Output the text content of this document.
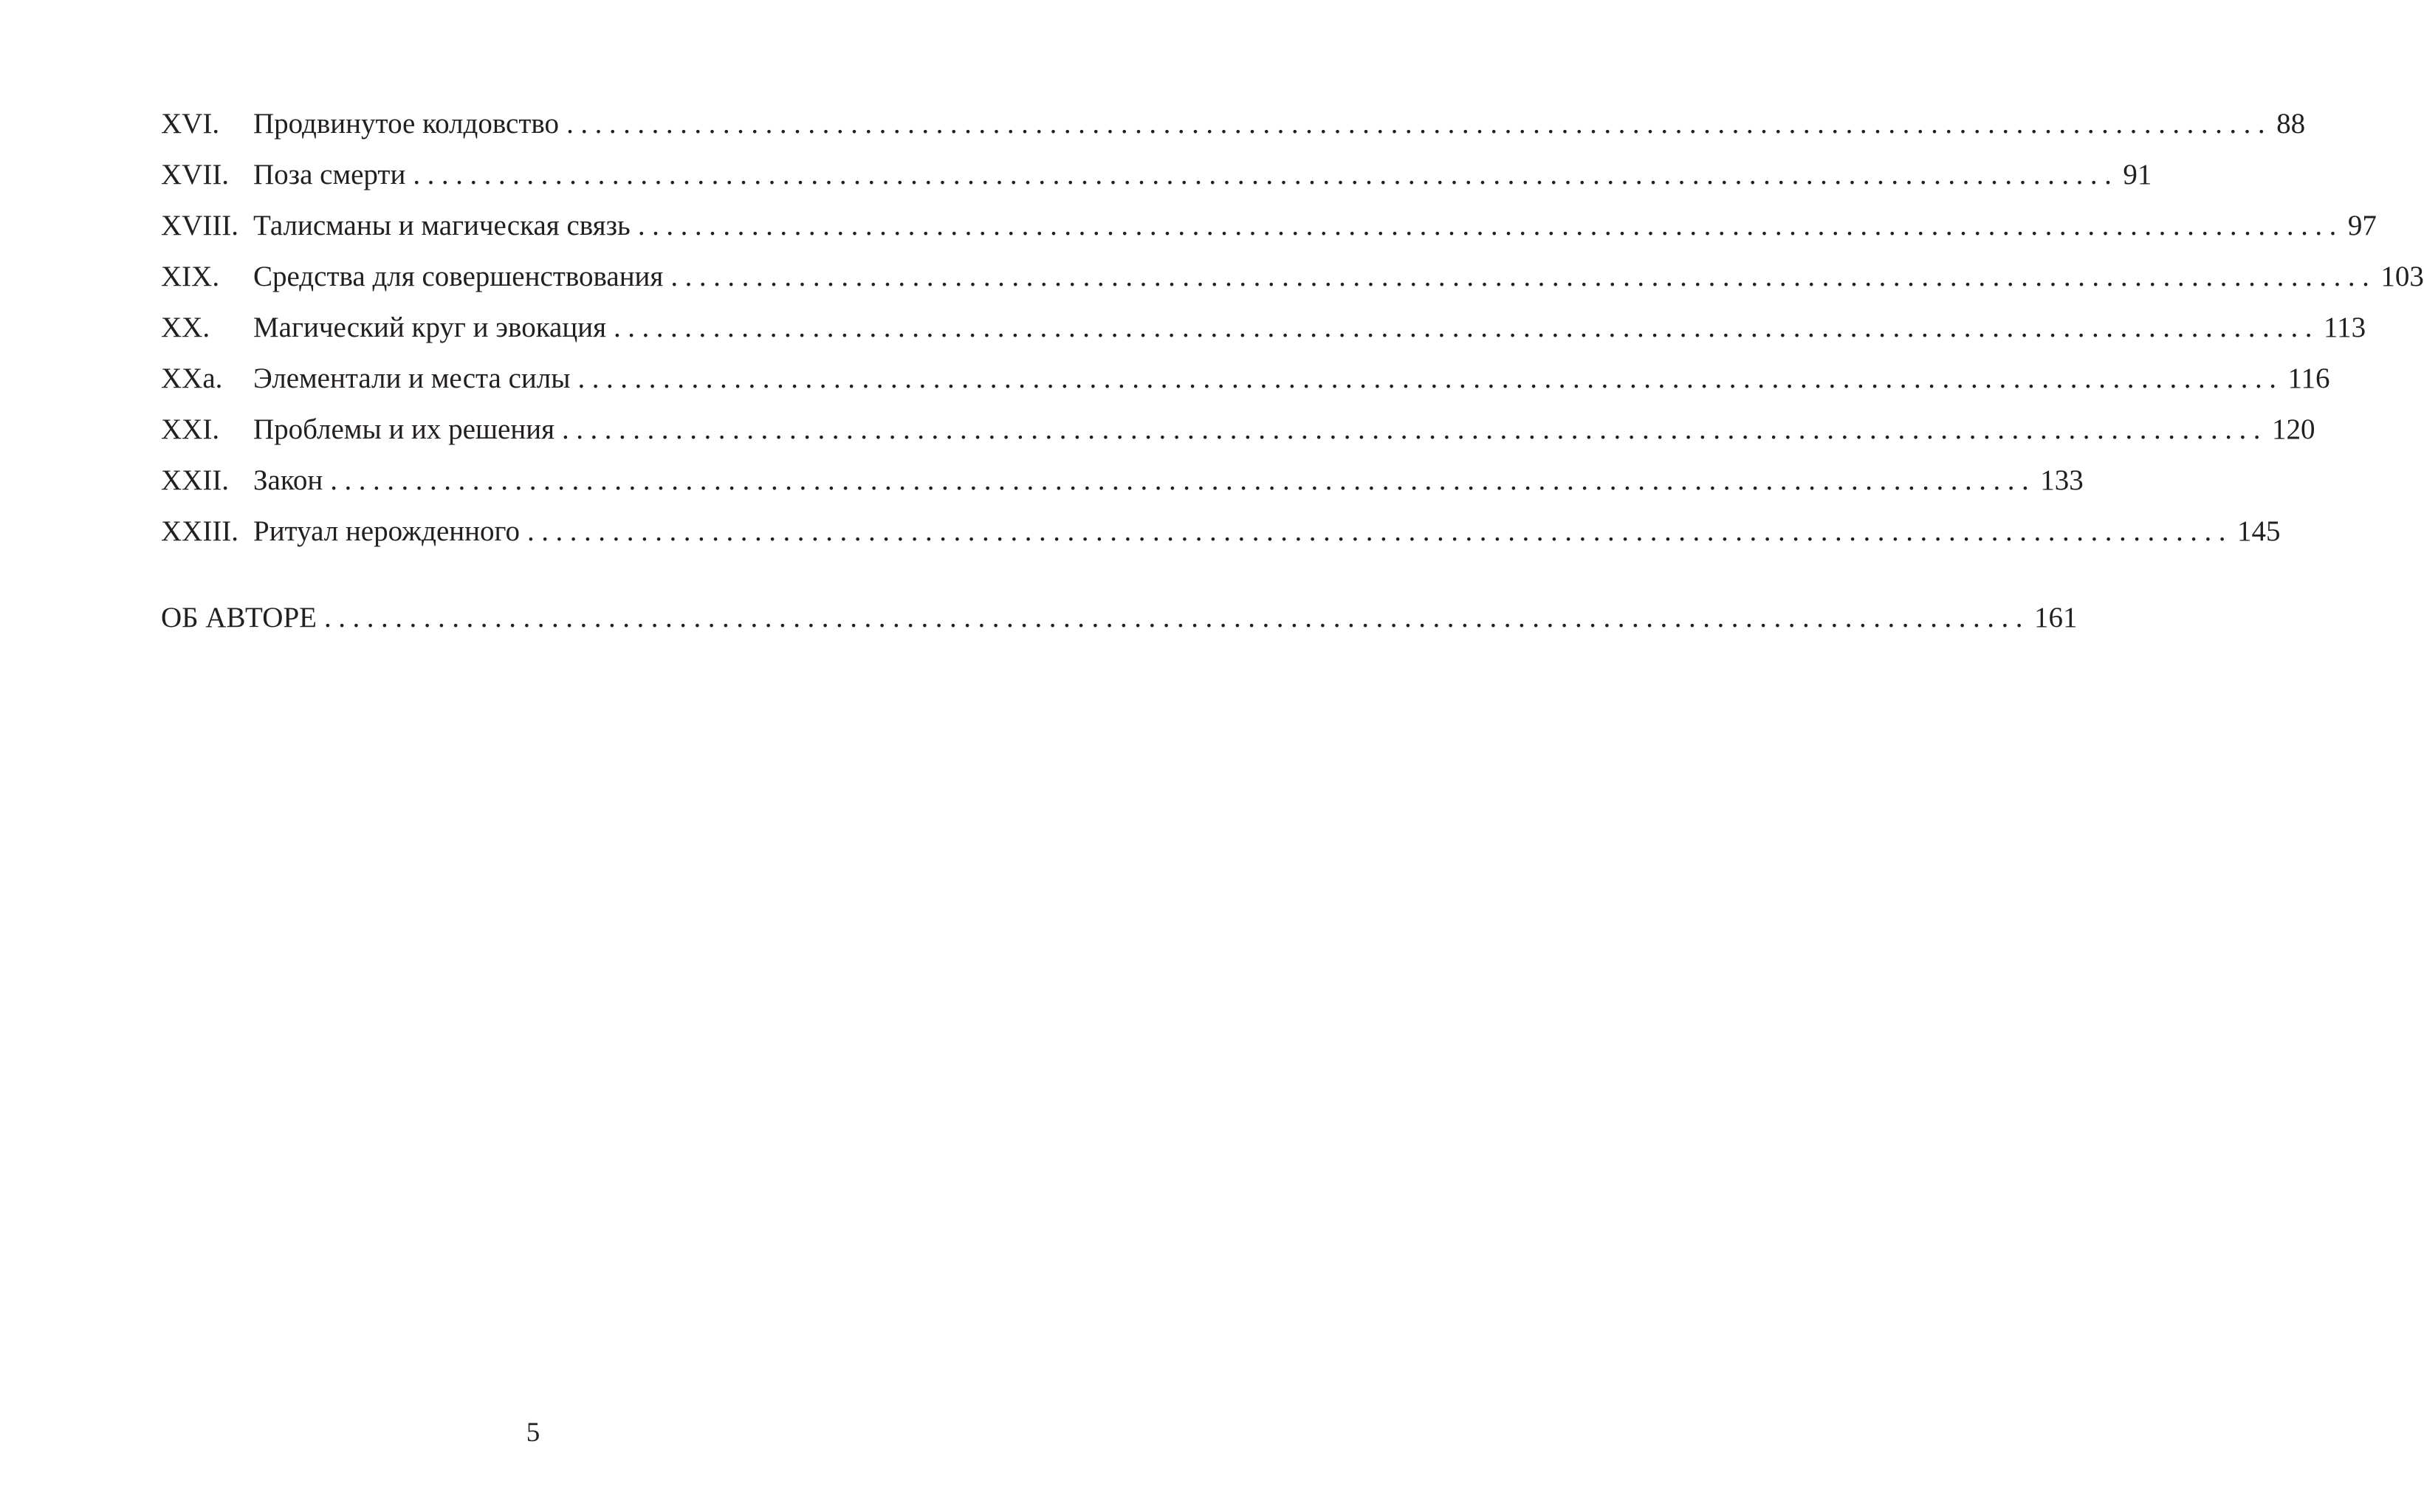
XVI.	Продвинутое колдовство ........................................................................................................................ 88
XVII. Поза смерти ........................................................................................................................ 91
XVIII. Талисманы и магическая связь ........................................................................................................................ 97
XIX.	Средства для совершенствования ........................................................................................................................ 103
XX.	Магический круг и эвокация ........................................................................................................................ 113
XXa.	Элементали и места силы ........................................................................................................................ 116
XXI.	Проблемы и их решения ........................................................................................................................ 120
XXII. Закон ........................................................................................................................ 133
XXIII. Ритуал нерожденного ........................................................................................................................ 145
ОБ АВТОРЕ ........................................................................................................................ 161
5
